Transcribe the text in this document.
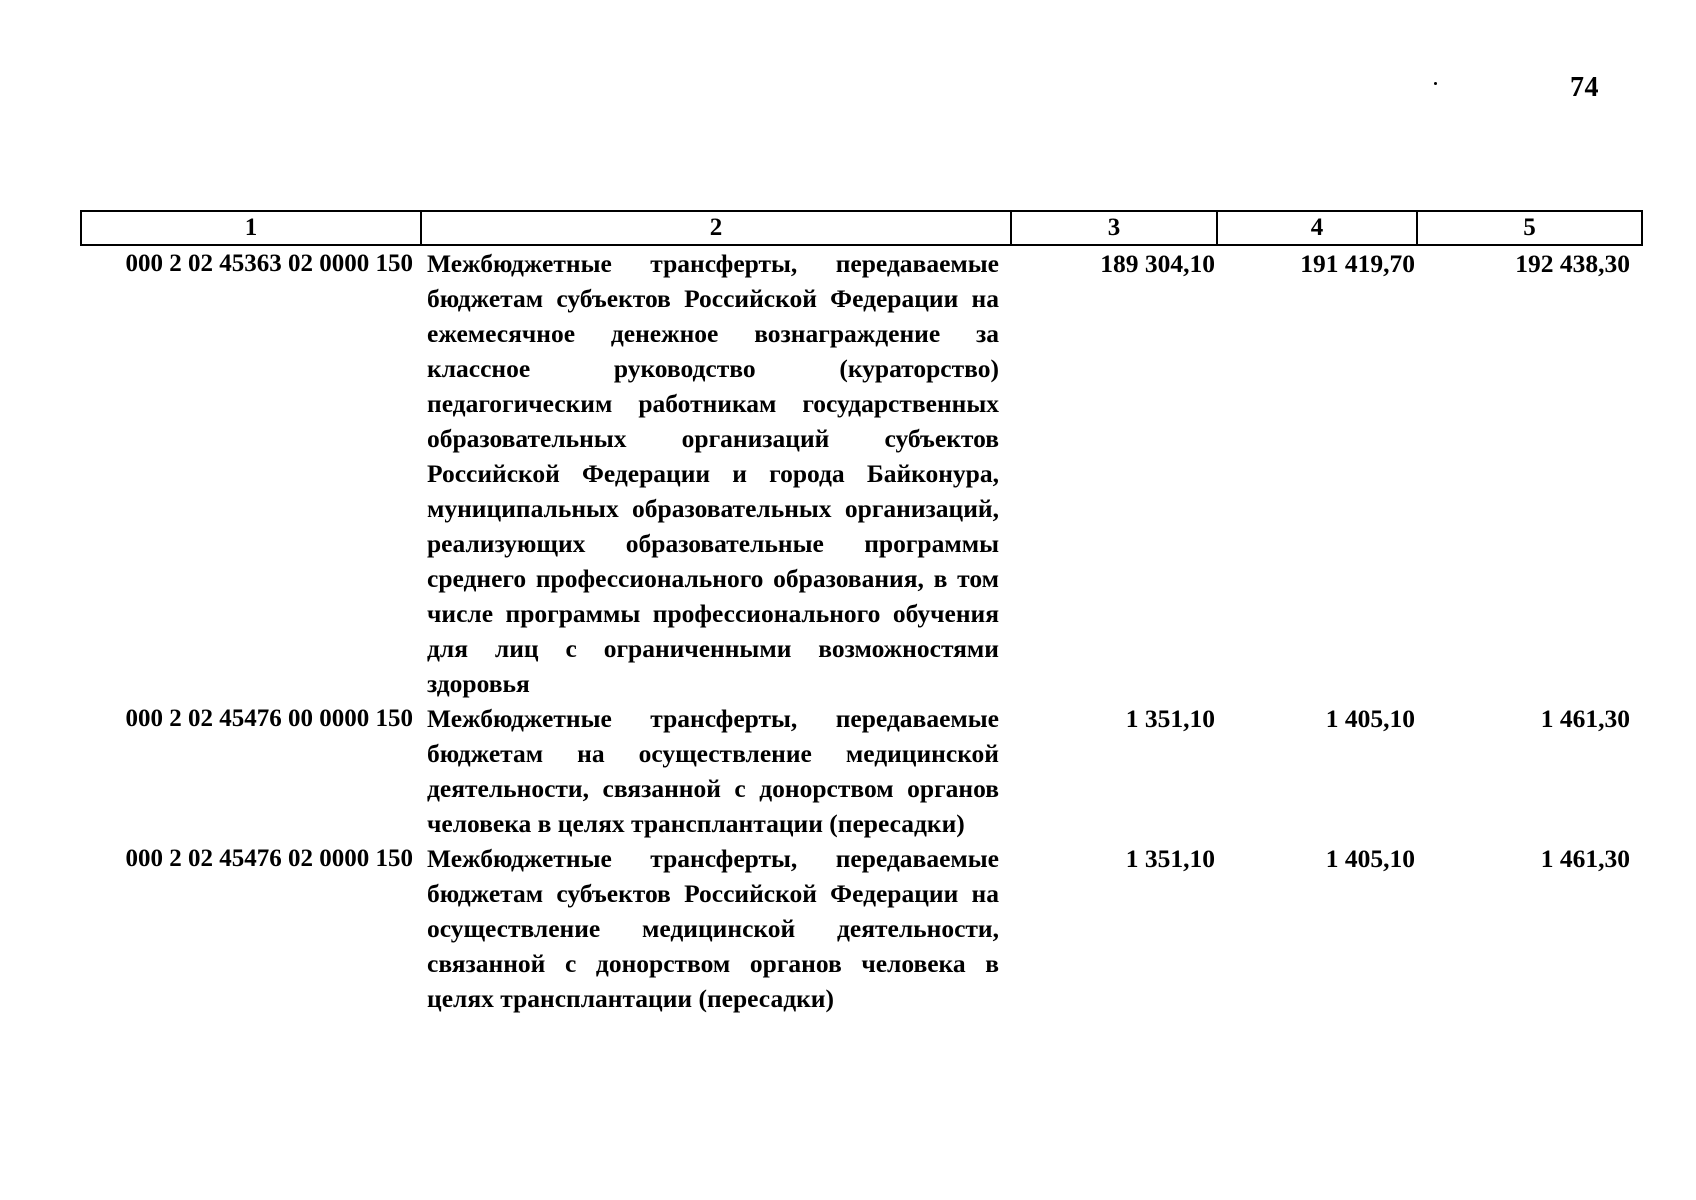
74
1	2	3	4	5
000 2 02 45363 02 0000 150	Межбюджетные трансферты, передаваемые бюджетам субъектов Российской Федерации на ежемесячное денежное вознаграждение за классное руководство (кураторство) педагогическим работникам государственных образовательных организаций субъектов Российской Федерации и города Байконура, муниципальных образовательных организаций, реализующих образовательные программы среднего профессионального образования, в том числе программы профессионального обучения для лиц с ограниченными возможностями здоровья	189 304,10	191 419,70	192 438,30
000 2 02 45476 00 0000 150	Межбюджетные трансферты, передаваемые бюджетам на осуществление медицинской деятельности, связанной с донорством органов человека в целях трансплантации (пересадки)	1 351,10	1 405,10	1 461,30
000 2 02 45476 02 0000 150	Межбюджетные трансферты, передаваемые бюджетам субъектов Российской Федерации на осуществление медицинской деятельности, связанной с донорством органов человека в целях трансплантации (пересадки)	1 351,10	1 405,10	1 461,30
